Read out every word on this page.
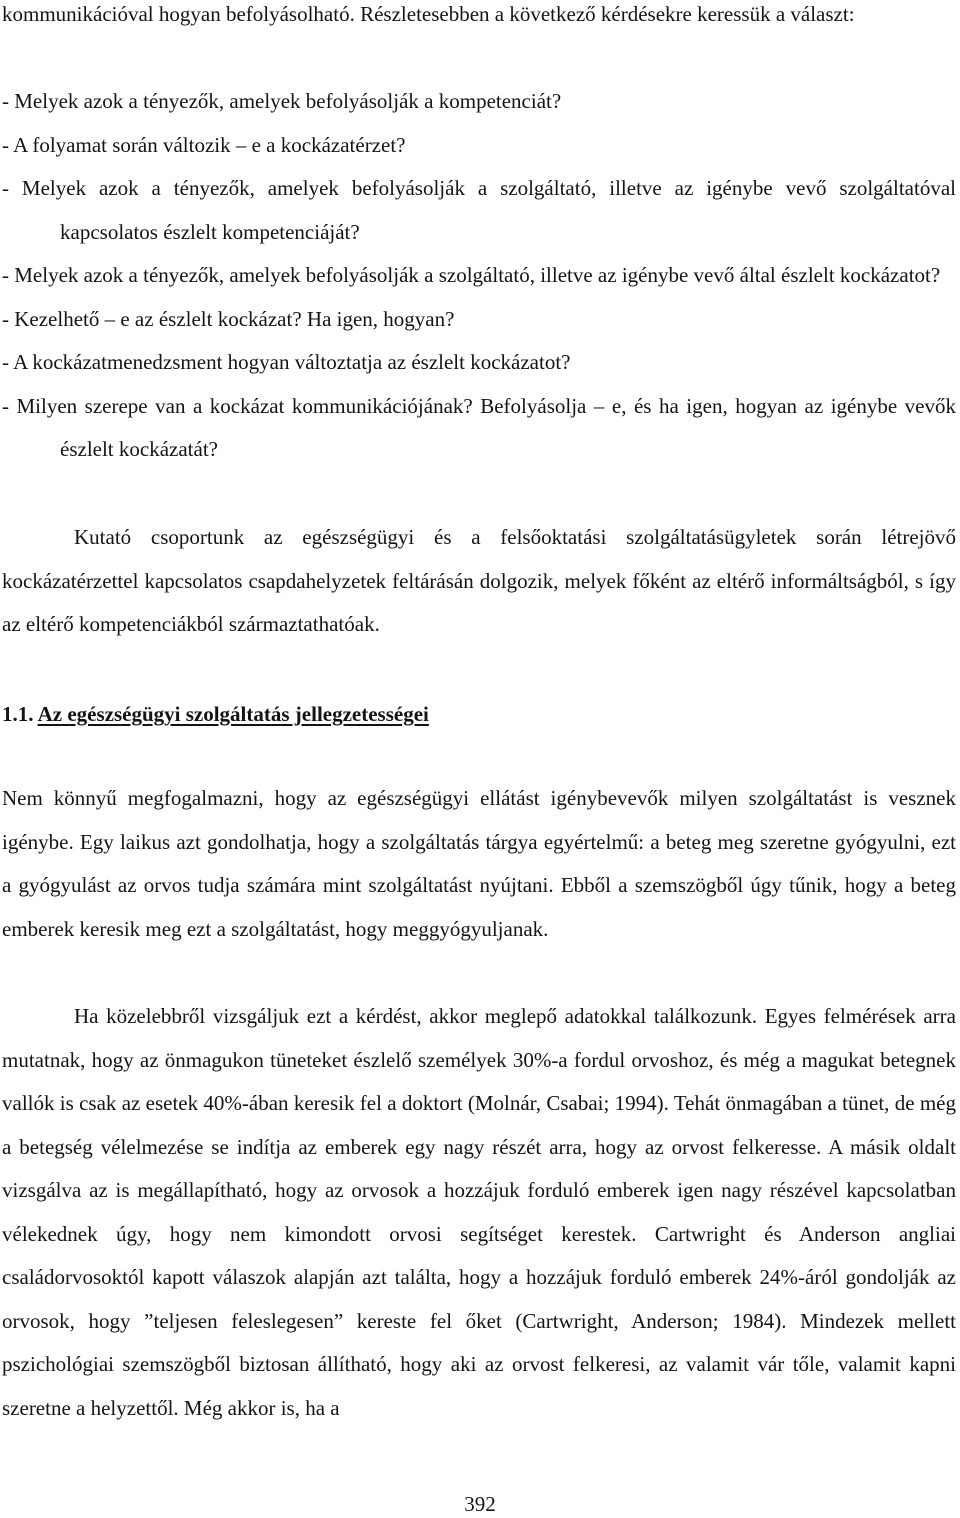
kommunikációval hogyan befolyásolható. Részletesebben a következő kérdésekre keressük a választ:

- Melyek azok a tényezők, amelyek befolyásolják a kompetenciát?
- A folyamat során változik – e a kockázatérzet?
- Melyek azok a tényezők, amelyek befolyásolják a szolgáltató, illetve az igénybe vevő szolgáltatóval kapcsolatos észlelt kompetenciáját?
- Melyek azok a tényezők, amelyek befolyásolják a szolgáltató, illetve az igénybe vevő által észlelt kockázatot?
- Kezelhető – e az észlelt kockázat? Ha igen, hogyan?
- A kockázatmenedzsment hogyan változtatja az észlelt kockázatot?
- Milyen szerepe van a kockázat kommunikációjának? Befolyásolja – e, és ha igen, hogyan az igénybe vevők észlelt kockázatát?

Kutató csoportunk az egészségügyi és a felsőoktatási szolgáltatásügyletek során létrejövő kockázatérzettel kapcsolatos csapdahelyzetek feltárásán dolgozik, melyek főként az eltérő informáltságból, s így az eltérő kompetenciákból származtathatóak.

1.1. Az egészségügyi szolgáltatás jellegzetességei

Nem könnyű megfogalmazni, hogy az egészségügyi ellátást igénybevevők milyen szolgáltatást is vesznek igénybe. Egy laikus azt gondolhatja, hogy a szolgáltatás tárgya egyértelmű: a beteg meg szeretne gyógyulni, ezt a gyógyulást az orvos tudja számára mint szolgáltatást nyújtani. Ebből a szemszögből úgy tűnik, hogy a beteg emberek keresik meg ezt a szolgáltatást, hogy meggyógyuljanak.

Ha közelebbről vizsgáljuk ezt a kérdést, akkor meglepő adatokkal találkozunk. Egyes felmérések arra mutatnak, hogy az önmagukon tüneteket észlelő személyek 30%-a fordul orvoshoz, és még a magukat betegnek vallók is csak az esetek 40%-ában keresik fel a doktort (Molnár, Csabai; 1994). Tehát önmagában a tünet, de még a betegség vélelmezése se indítja az emberek egy nagy részét arra, hogy az orvost felkeresse. A másik oldalt vizsgálva az is megállapítható, hogy az orvosok a hozzájuk forduló emberek igen nagy részével kapcsolatban vélekednek úgy, hogy nem kimondott orvosi segítséget kerestek. Cartwright és Anderson angliai családorvosoktól kapott válaszok alapján azt találta, hogy a hozzájuk forduló emberek 24%-áról gondolják az orvosok, hogy ”teljesen feleslegesen” kereste fel őket (Cartwright, Anderson; 1984). Mindezek mellett pszichológiai szemszögből biztosan állítható, hogy aki az orvost felkeresi, az valamit vár tőle, valamit kapni szeretne a helyzettől. Még akkor is, ha a

392
